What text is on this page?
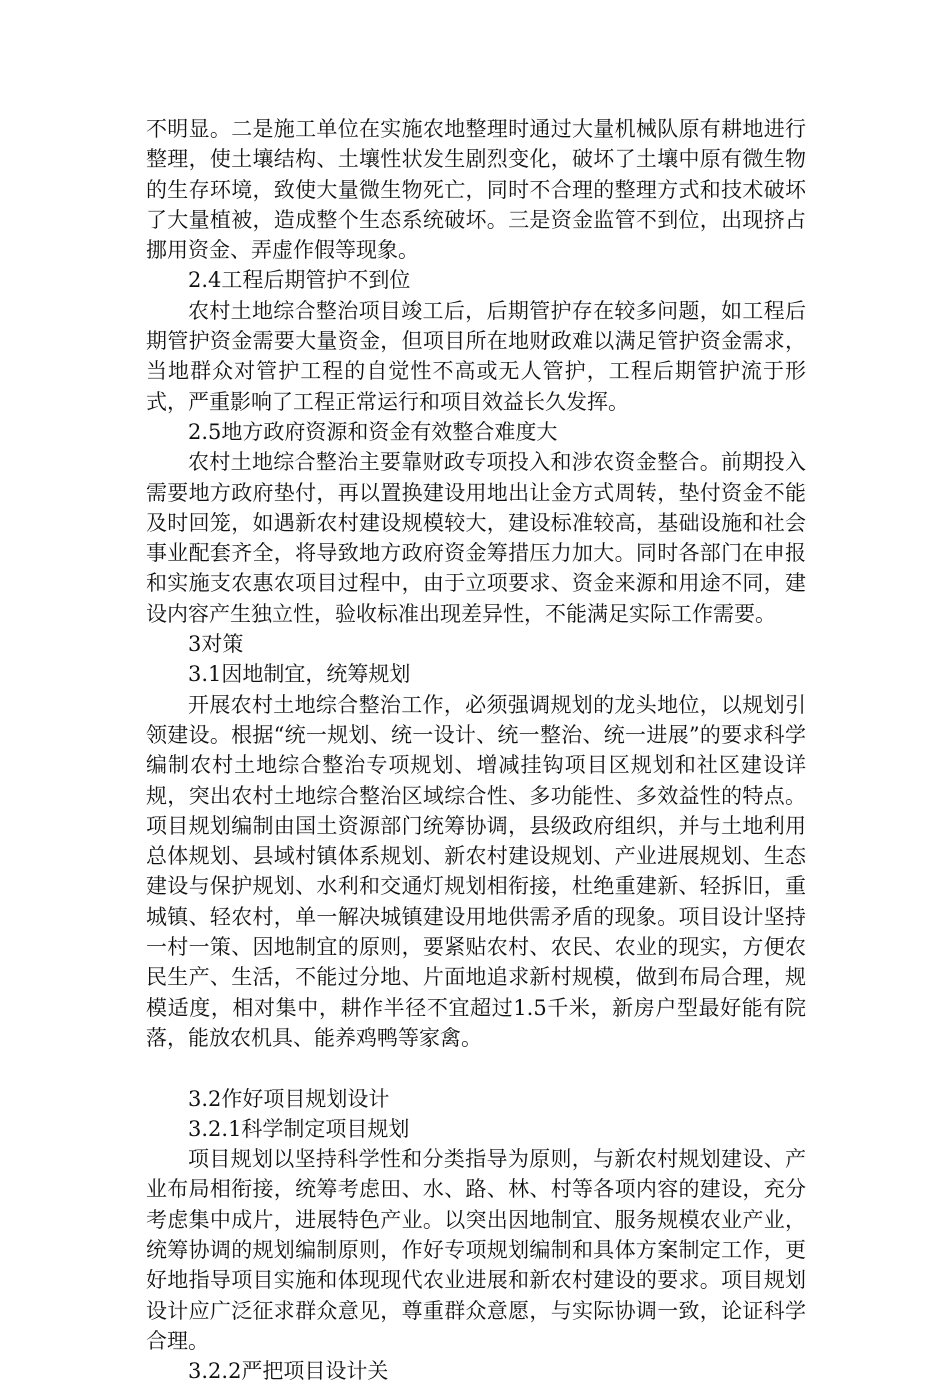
不明显。二是施工单位在实施农地整理时通过大量机械队原有耕地进行整理，使土壤结构、土壤性状发生剧烈变化，破坏了土壤中原有微生物的生存环境，致使大量微生物死亡，同时不合理的整理方式和技术破坏了大量植被，造成整个生态系统破坏。三是资金监管不到位，出现挤占挪用资金、弄虚作假等现象。

2.4工程后期管护不到位

农村土地综合整治项目竣工后，后期管护存在较多问题，如工程后期管护资金需要大量资金，但项目所在地财政难以满足管护资金需求，当地群众对管护工程的自觉性不高或无人管护，工程后期管护流于形式，严重影响了工程正常运行和项目效益长久发挥。

2.5地方政府资源和资金有效整合难度大

农村土地综合整治主要靠财政专项投入和涉农资金整合。前期投入需要地方政府垫付，再以置换建设用地出让金方式周转，垫付资金不能及时回笼，如遇新农村建设规模较大，建设标准较高，基础设施和社会事业配套齐全，将导致地方政府资金筹措压力加大。同时各部门在申报和实施支农惠农项目过程中，由于立项要求、资金来源和用途不同，建设内容产生独立性，验收标准出现差异性，不能满足实际工作需要。

3对策

3.1因地制宜，统筹规划

开展农村土地综合整治工作，必须强调规划的龙头地位，以规划引领建设。根据“统一规划、统一设计、统一整治、统一进展”的要求科学编制农村土地综合整治专项规划、增减挂钩项目区规划和社区建设详规，突出农村土地综合整治区域综合性、多功能性、多效益性的特点。项目规划编制由国土资源部门统筹协调，县级政府组织，并与土地利用总体规划、县域村镇体系规划、新农村建设规划、产业进展规划、生态建设与保护规划、水利和交通灯规划相衔接，杜绝重建新、轻拆旧，重城镇、轻农村，单一解决城镇建设用地供需矛盾的现象。项目设计坚持一村一策、因地制宜的原则，要紧贴农村、农民、农业的现实，方便农民生产、生活，不能过分地、片面地追求新村规模，做到布局合理，规模适度，相对集中，耕作半径不宜超过1.5千米，新房户型最好能有院落，能放农机具、能养鸡鸭等家禽。

3.2作好项目规划设计

3.2.1科学制定项目规划

项目规划以坚持科学性和分类指导为原则，与新农村规划建设、产业布局相衔接，统筹考虑田、水、路、林、村等各项内容的建设，充分考虑集中成片，进展特色产业。以突出因地制宜、服务规模农业产业，统筹协调的规划编制原则，作好专项规划编制和具体方案制定工作，更好地指导项目实施和体现现代农业进展和新农村建设的要求。项目规划设计应广泛征求群众意见，尊重群众意愿，与实际协调一致，论证科学合理。

3.2.2严把项目设计关
